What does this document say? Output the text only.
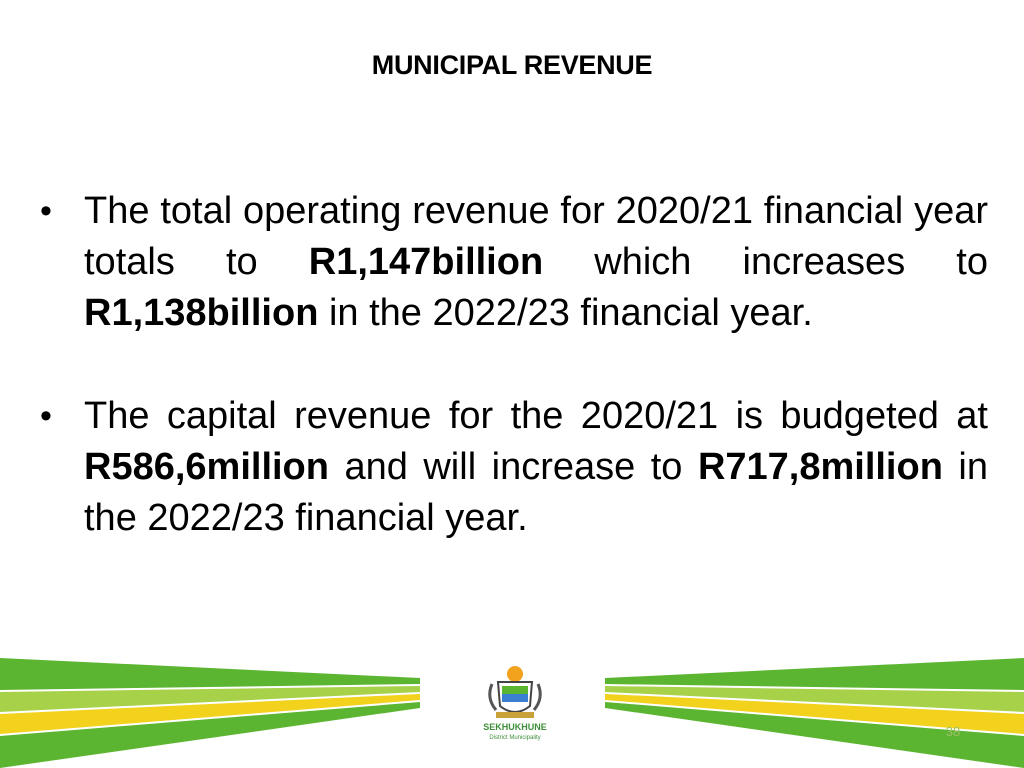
MUNICIPAL REVENUE
• The total operating revenue for 2020/21 financial year totals to R1,147billion which increases to R1,138billion in the 2022/23 financial year.
• The capital revenue for the 2020/21 is budgeted at R586,6million and will increase to R717,8million in the 2022/23 financial year.
SEKHUKHUNE
District Municipality	38
